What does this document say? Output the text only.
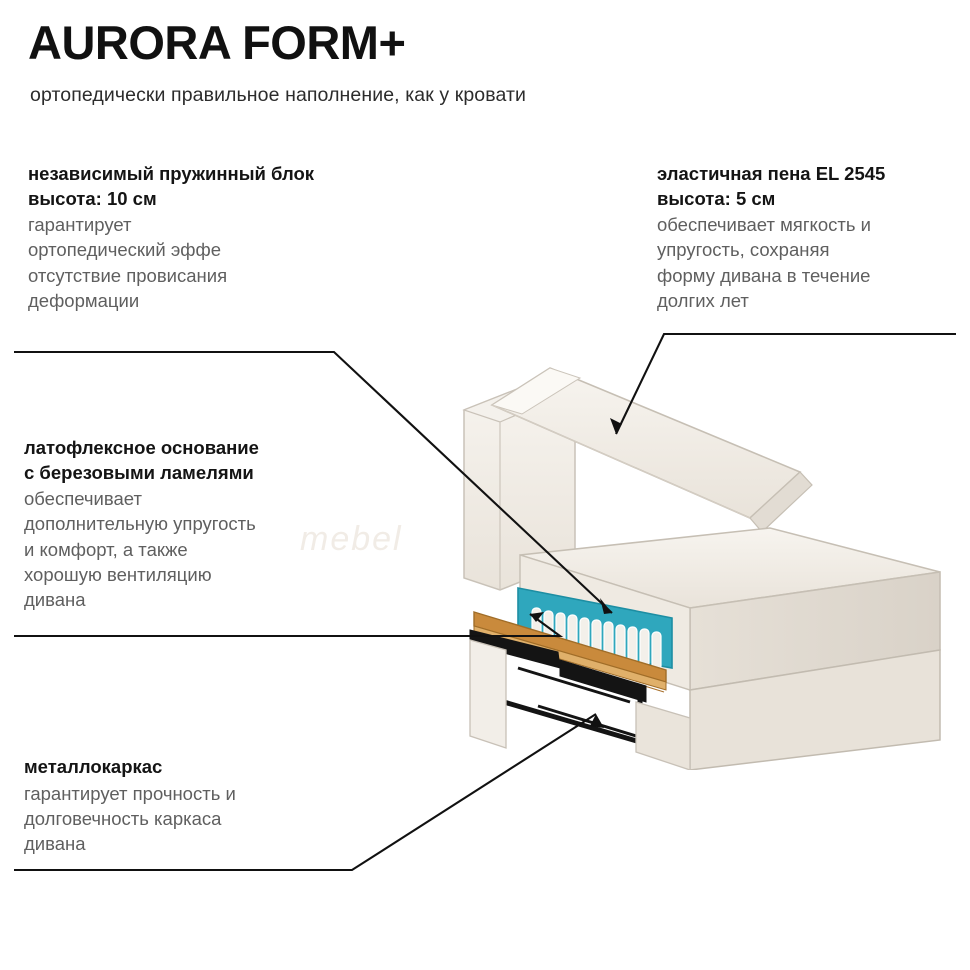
AURORA FORM+
ортопедически правильное наполнение, как у кровати
mebel
независимый пружинный блок
высота: 10 см
гарантирует
ортопедический эффе
отсутствие провисания
деформации
эластичная пена EL 2545
высота: 5 см
обеспечивает мягкость и
упругость, сохраняя
форму дивана в течение
долгих лет
латофлексное основание
с березовыми ламелями
обеспечивает
дополнительную упругость
и комфорт, а также
хорошую вентиляцию
дивана
металлокаркас
гарантирует прочность и
долговечность каркаса
дивана
